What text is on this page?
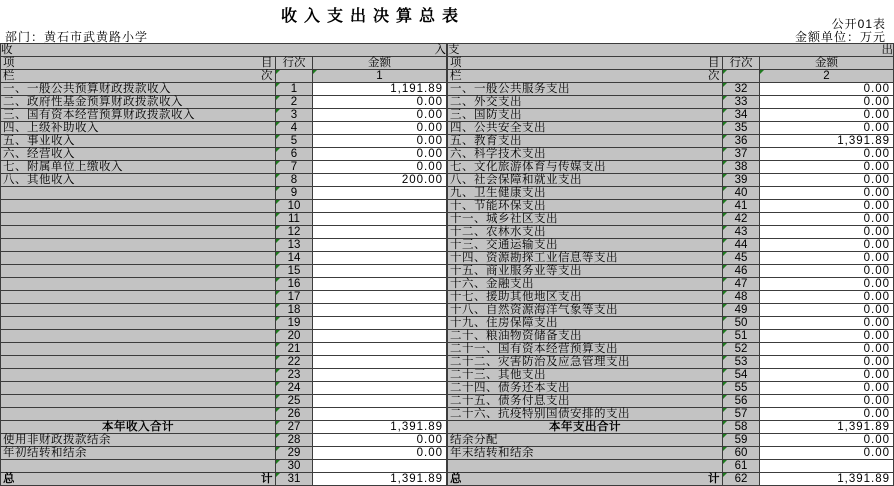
收入支出决算总表	公开01表
部门：黄石市武黄路小学	金额单位：万元
收 入		

项 目	行次	金额

栏 次		1
一、一般公共预算财政拨款收入	1	1,191.89
二、政府性基金预算财政拨款收入	2	0.00
三、国有资本经营预算财政拨款收入	3	0.00
四、上级补助收入	4	0.00
五、事业收入	5	0.00
六、经营收入	6	0.00
七、附属单位上缴收入	7	0.00
八、其他收入	8	200.00
	9	
	10	
	11	
	12	
	13	
	14	
	15	
	16	
	17	
	18	
	19	
	20	
	21	
	22	
	23	
	24	
	25	
	26	
本年收入合计	27	1,391.89
使用非财政拨款结余	28	0.00
年初结转和结余	29	0.00
	30	

总 计	31	1,391.89
支 出		

项 目	行次	金额

栏 次		2
一、一般公共服务支出	32	0.00
二、外交支出	33	0.00
三、国防支出	34	0.00
四、公共安全支出	35	0.00
五、教育支出	36	1,391.89
六、科学技术支出	37	0.00
七、文化旅游体育与传媒支出	38	0.00
八、社会保障和就业支出	39	0.00
九、卫生健康支出	40	0.00
十、节能环保支出	41	0.00
十一、城乡社区支出	42	0.00
十二、农林水支出	43	0.00
十三、交通运输支出	44	0.00
十四、资源勘探工业信息等支出	45	0.00
十五、商业服务业等支出	46	0.00
十六、金融支出	47	0.00
十七、援助其他地区支出	48	0.00
十八、自然资源海洋气象等支出	49	0.00
十九、住房保障支出	50	0.00
二十、粮油物资储备支出	51	0.00
二十一、国有资本经营预算支出	52	0.00
二十二、灾害防治及应急管理支出	53	0.00
二十三、其他支出	54	0.00
二十四、债务还本支出	55	0.00
二十五、债务付息支出	56	0.00
二十六、抗疫特别国债安排的支出	57	0.00
本年支出合计	58	1,391.89
结余分配	59	0.00
年末结转和结余	60	0.00
	61	

总 计	62	1,391.89
